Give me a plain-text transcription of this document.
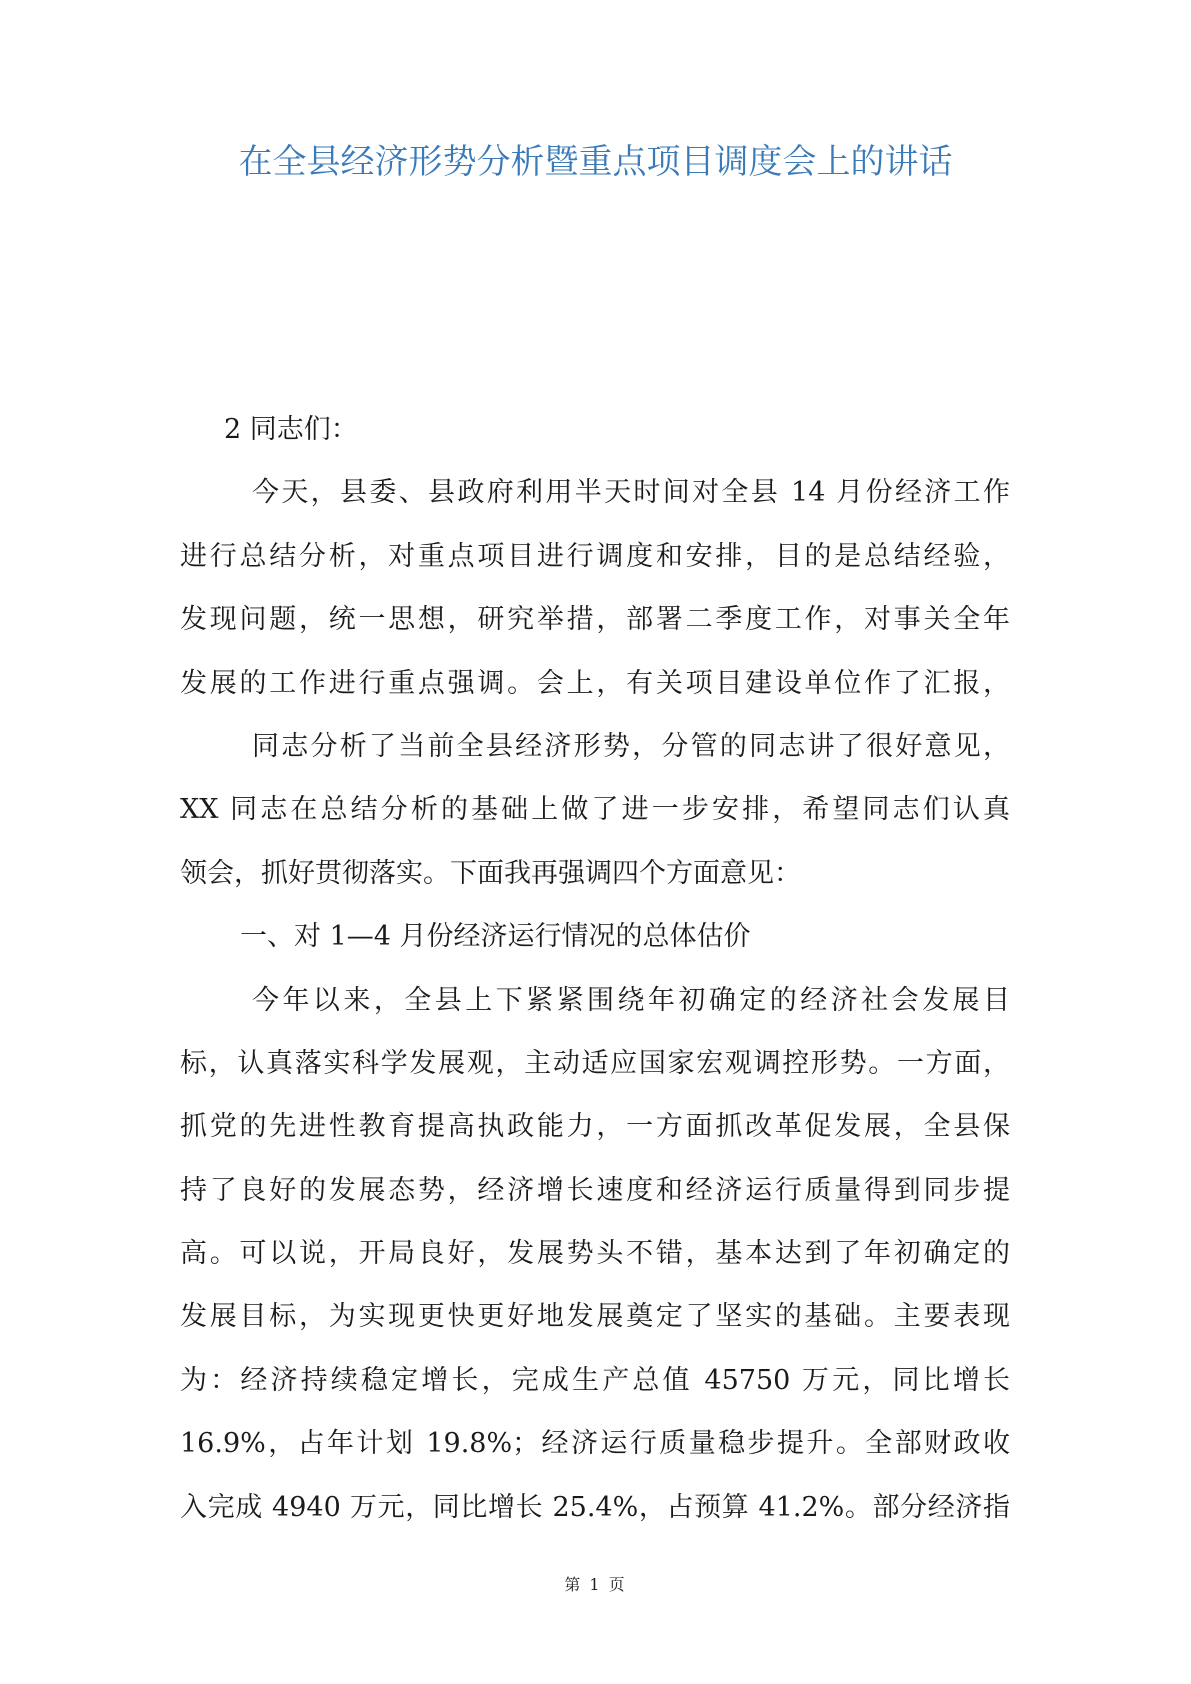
在全县经济形势分析暨重点项目调度会上的讲话
2 同志们：
今天，县委、县政府利用半天时间对全县 14 月份经济工作
进行总结分析，对重点项目进行调度和安排，目的是总结经验，
发现问题，统一思想，研究举措，部署二季度工作，对事关全年
发展的工作进行重点强调。会上，有关项目建设单位作了汇报，
同志分析了当前全县经济形势，分管的同志讲了很好意见，
XX 同志在总结分析的基础上做了进一步安排，希望同志们认真
领会，抓好贯彻落实。下面我再强调四个方面意见：
一、对 1—4 月份经济运行情况的总体估价
今年以来，全县上下紧紧围绕年初确定的经济社会发展目
标，认真落实科学发展观，主动适应国家宏观调控形势。一方面，
抓党的先进性教育提高执政能力，一方面抓改革促发展，全县保
持了良好的发展态势，经济增长速度和经济运行质量得到同步提
高。可以说，开局良好，发展势头不错，基本达到了年初确定的
发展目标，为实现更快更好地发展奠定了坚实的基础。主要表现
为：经济持续稳定增长，完成生产总值 45750 万元，同比增长
16.9%，占年计划 19.8%；经济运行质量稳步提升。全部财政收
入完成 4940 万元，同比增长 25.4%，占预算 41.2%。部分经济指
第 1 页
